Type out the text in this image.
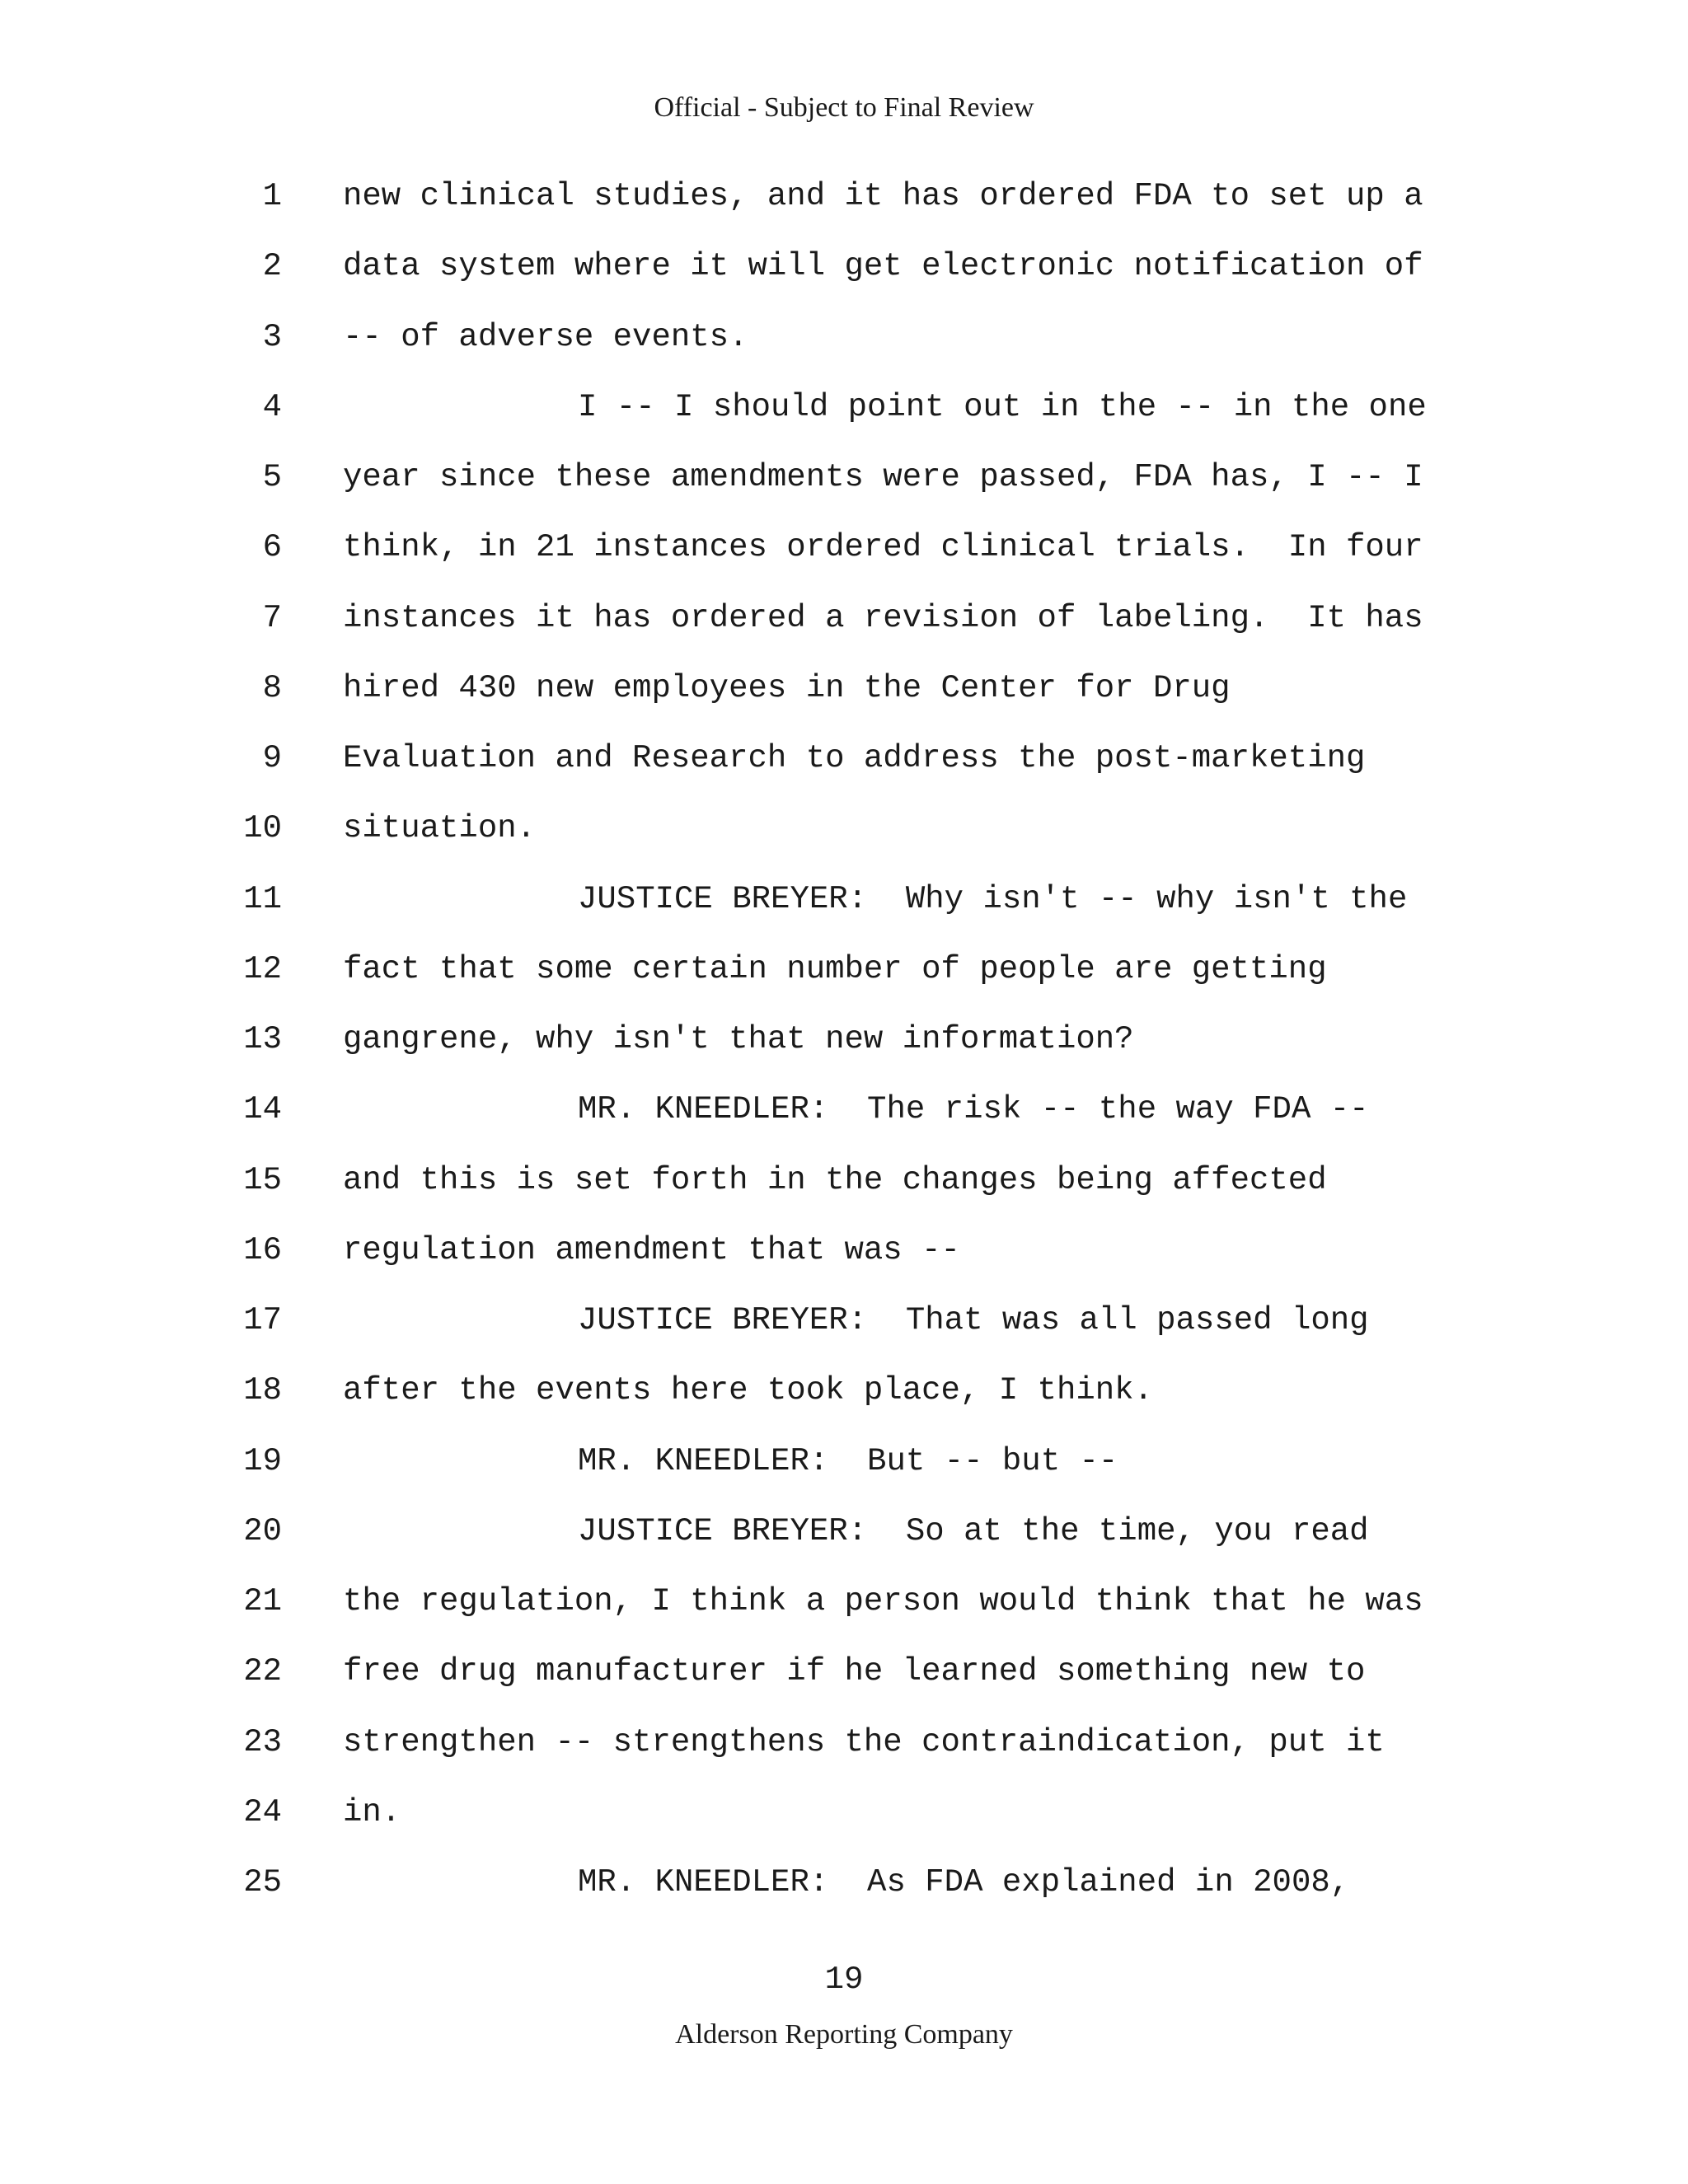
Official - Subject to Final Review
1 new clinical studies, and it has ordered FDA to set up a
2 data system where it will get electronic notification of
3 -- of adverse events.
4	I -- I should point out in the -- in the one
5 year since these amendments were passed, FDA has, I -- I
6 think, in 21 instances ordered clinical trials.  In four
7 instances it has ordered a revision of labeling.  It has
8 hired 430 new employees in the Center for Drug
9 Evaluation and Research to address the post-marketing
10 situation.
11	JUSTICE BREYER:  Why isn't -- why isn't the
12 fact that some certain number of people are getting
13 gangrene, why isn't that new information?
14	MR. KNEEDLER:  The risk -- the way FDA --
15 and this is set forth in the changes being affected
16 regulation amendment that was --
17	JUSTICE BREYER:  That was all passed long
18 after the events here took place, I think.
19	MR. KNEEDLER:  But -- but --
20	JUSTICE BREYER:  So at the time, you read
21 the regulation, I think a person would think that he was
22 free drug manufacturer if he learned something new to
23 strengthen -- strengthens the contraindication, put it
24 in.
25	MR. KNEEDLER:  As FDA explained in 2008,
19
Alderson Reporting Company
